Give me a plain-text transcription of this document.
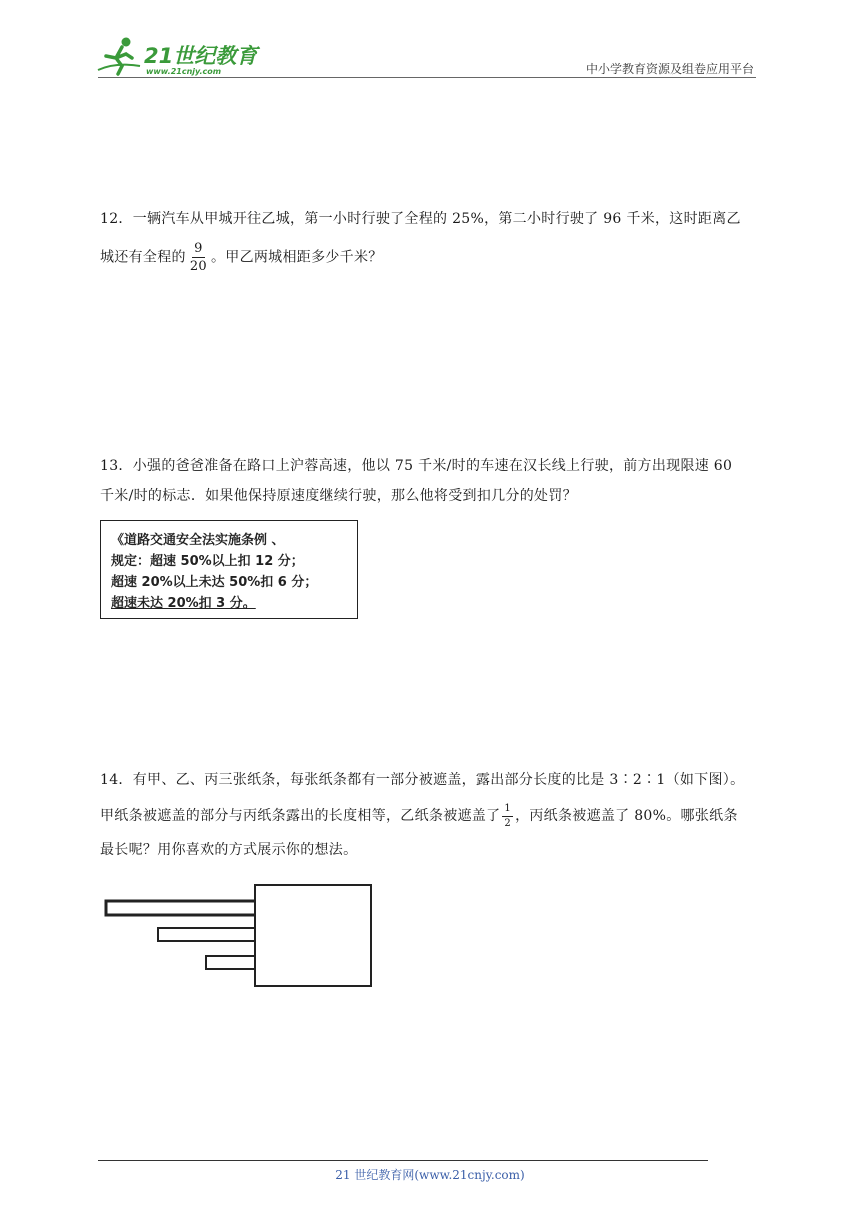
21世纪教育
www.21cnjy.com	中小学教育资源及组卷应用平台
12．一辆汽车从甲城开往乙城，第一小时行驶了全程的 25%，第二小时行驶了 96 千米，这时距离乙
城还有全程的 $\frac{9}{20}$ 。甲乙两城相距多少千米？
13．小强的爸爸准备在路口上沪蓉高速，他以 75 千米/时的车速在汉长线上行驶，前方出现限速 60
千米/时的标志．如果他保持原速度继续行驶，那么他将受到扣几分的处罚？
《道路交通安全法实施条例 、
规定：超速 50%以上扣 12 分；
超速 20%以上未达 50%扣 6 分；
超速未达 20%扣 3 分。
14．有甲、乙、丙三张纸条，每张纸条都有一部分被遮盖，露出部分长度的比是 3∶2∶1（如下图）。
甲纸条被遮盖的部分与丙纸条露出的长度相等，乙纸条被遮盖了 $\frac{1}{2}$ ，丙纸条被遮盖了 80%。哪张纸条
最长呢？用你喜欢的方式展示你的想法。
21 世纪教育网(www.21cnjy.com)
